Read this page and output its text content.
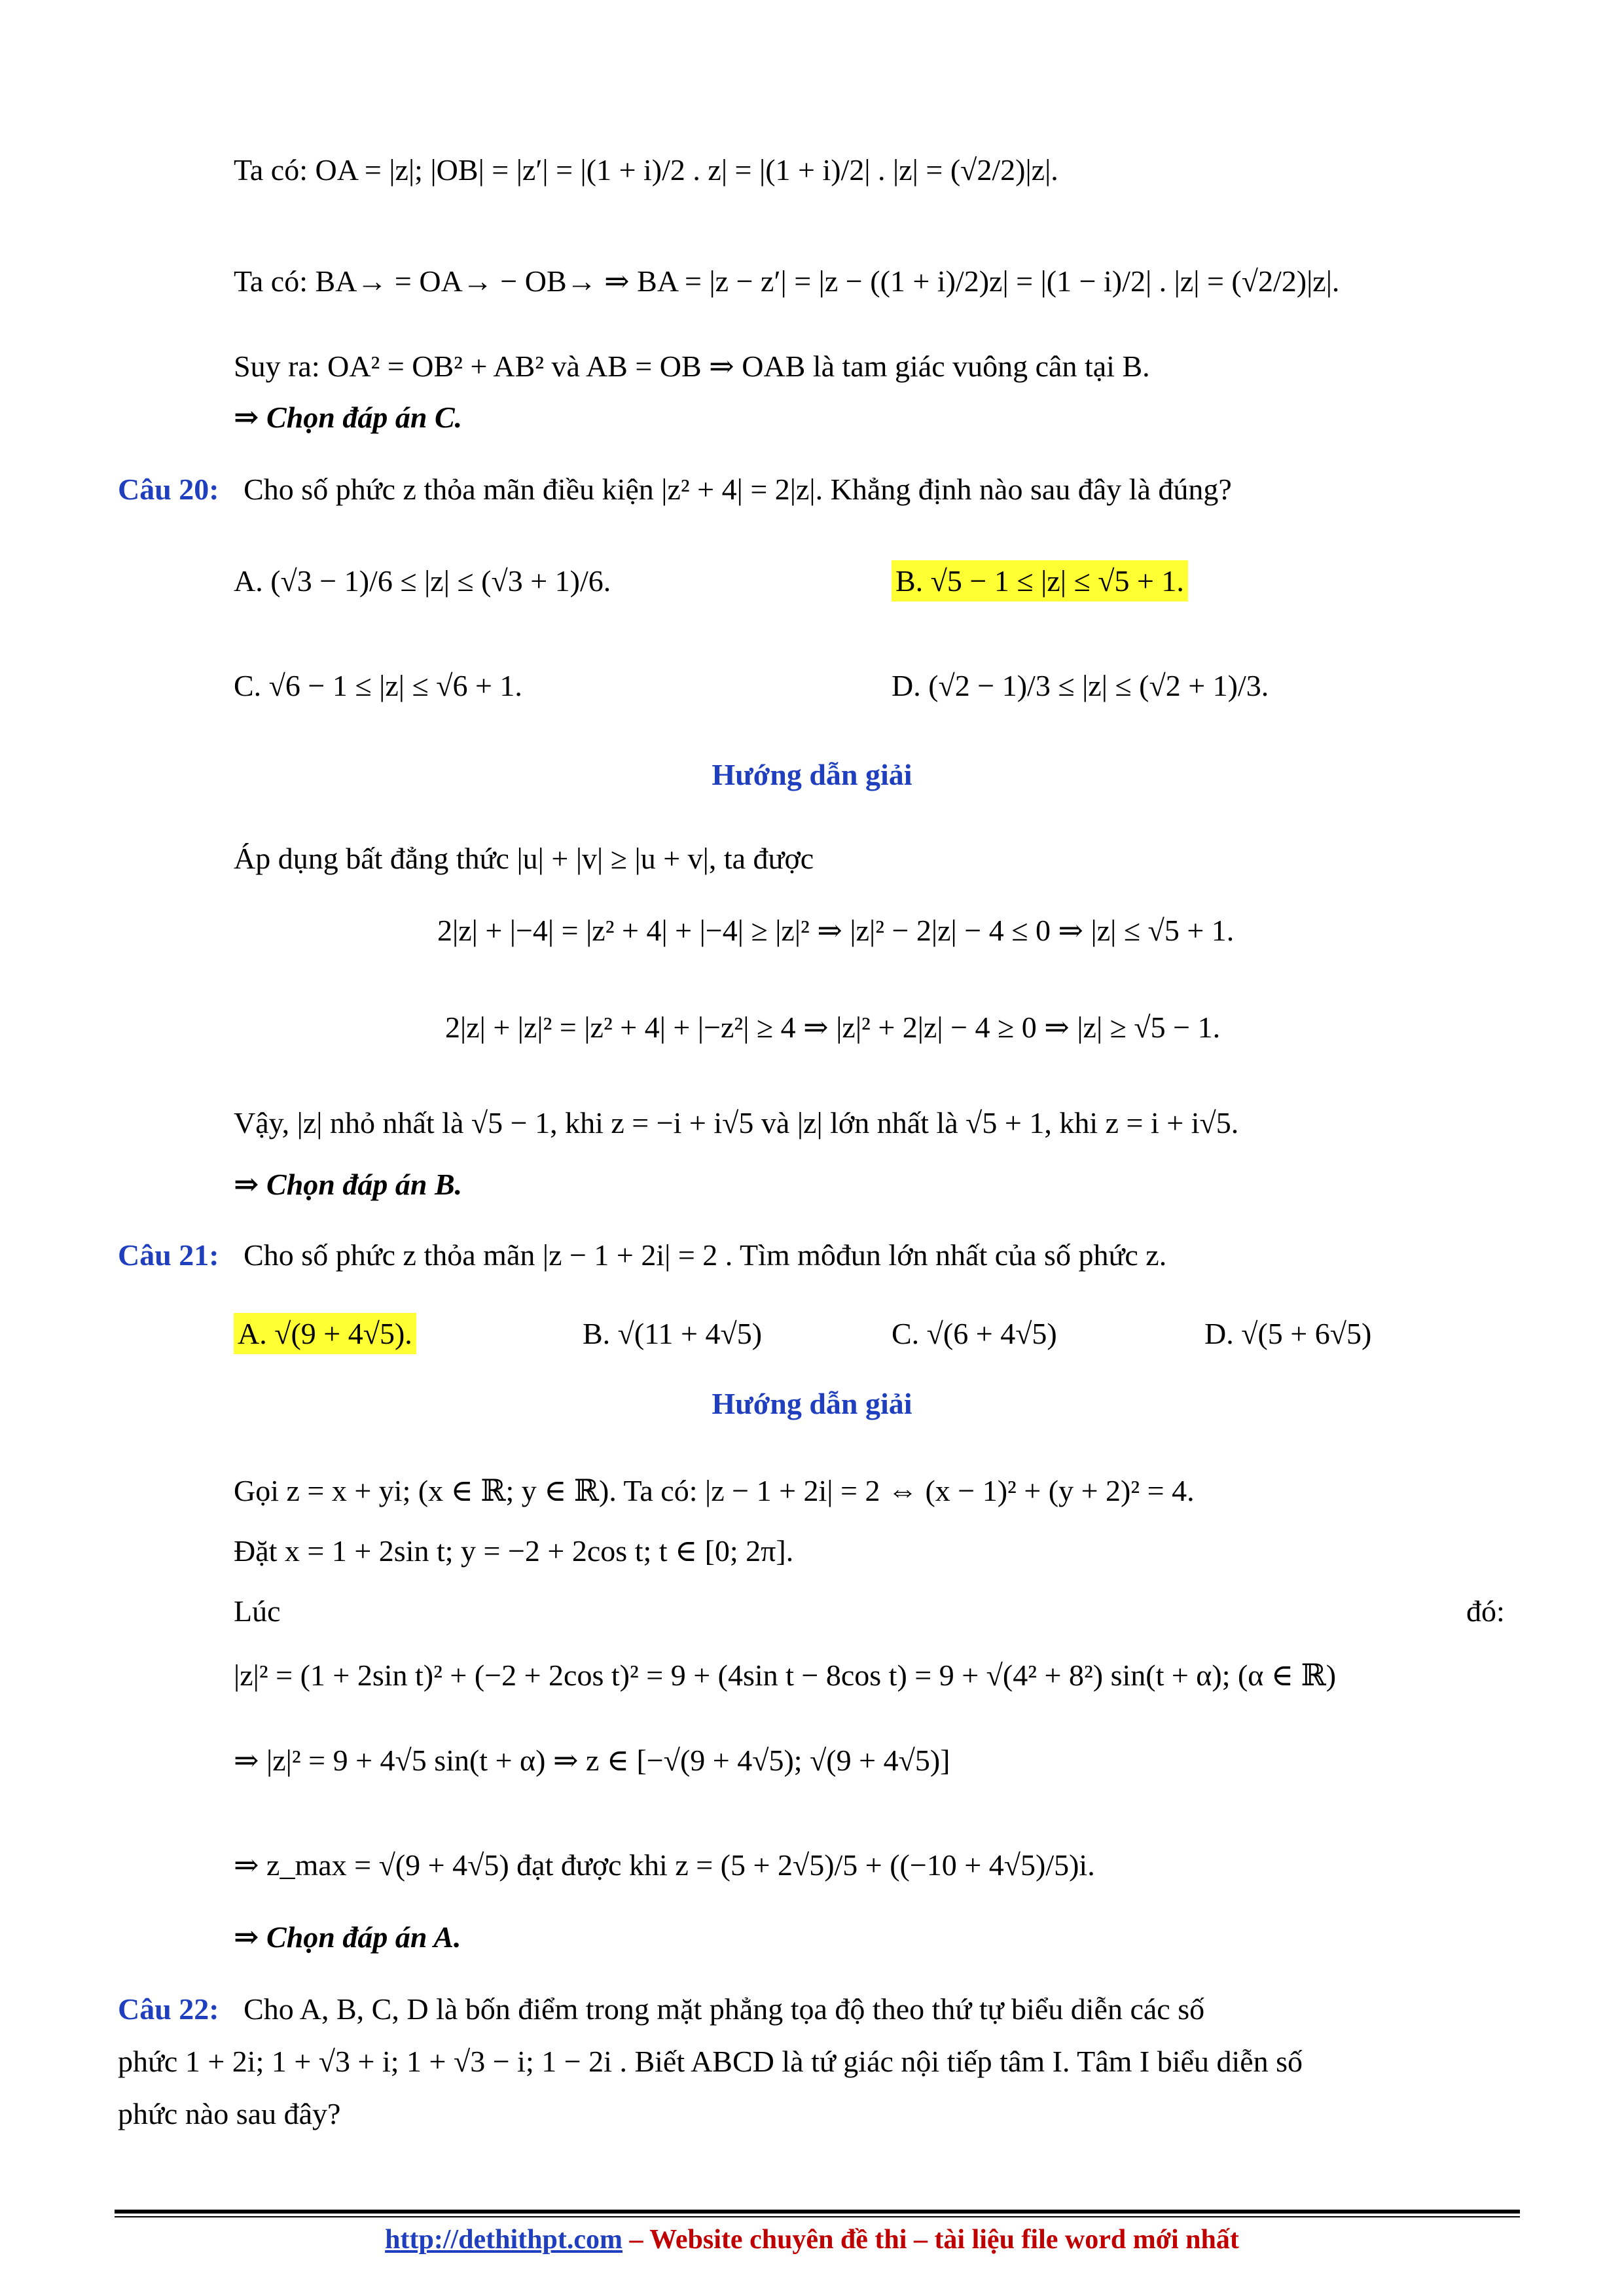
Ta có: OA = |z|; |OB| = |z′| = |(1 + i)/2 . z| = |(1 + i)/2| . |z| = (√2/2)|z|.
Ta có: BA→ = OA→ − OB→ ⇒ BA = |z − z′| = |z − ((1 + i)/2)z| = |(1 − i)/2| . |z| = (√2/2)|z|.
Suy ra: OA² = OB² + AB² và AB = OB ⇒ OAB là tam giác vuông cân tại B.
⇒ Chọn đáp án C.
Câu 20: Cho số phức z thỏa mãn điều kiện |z² + 4| = 2|z|. Khẳng định nào sau đây là đúng?
A. (√3 − 1)/6 ≤ |z| ≤ (√3 + 1)/6.	B. √5 − 1 ≤ |z| ≤ √5 + 1.
C. √6 − 1 ≤ |z| ≤ √6 + 1.	D. (√2 − 1)/3 ≤ |z| ≤ (√2 + 1)/3.
Hướng dẫn giải
Áp dụng bất đẳng thức |u| + |v| ≥ |u + v|, ta được
2|z| + |−4| = |z² + 4| + |−4| ≥ |z|² ⇒ |z|² − 2|z| − 4 ≤ 0 ⇒ |z| ≤ √5 + 1.
2|z| + |z|² = |z² + 4| + |−z²| ≥ 4 ⇒ |z|² + 2|z| − 4 ≥ 0 ⇒ |z| ≥ √5 − 1.
Vậy, |z| nhỏ nhất là √5 − 1, khi z = −i + i√5 và |z| lớn nhất là √5 + 1, khi z = i + i√5.
⇒ Chọn đáp án B.
Câu 21: Cho số phức z thỏa mãn |z − 1 + 2i| = 2 . Tìm môđun lớn nhất của số phức z.
A. √(9 + 4√5).	B. √(11 + 4√5)	C. √(6 + 4√5)	D. √(5 + 6√5)
Hướng dẫn giải
Gọi z = x + yi; (x ∈ ℝ; y ∈ ℝ). Ta có: |z − 1 + 2i| = 2 ⇔ (x − 1)² + (y + 2)² = 4.
Đặt x = 1 + 2sin t; y = −2 + 2cos t; t ∈ [0; 2π].
Lúc	đó:
|z|² = (1 + 2sin t)² + (−2 + 2cos t)² = 9 + (4sin t − 8cos t) = 9 + √(4² + 8²) sin(t + α); (α ∈ ℝ)
⇒ |z|² = 9 + 4√5 sin(t + α) ⇒ z ∈ [−√(9 + 4√5); √(9 + 4√5)]
⇒ z_max = √(9 + 4√5) đạt được khi z = (5 + 2√5)/5 + ((−10 + 4√5)/5)i.
⇒ Chọn đáp án A.
Câu 22: Cho A, B, C, D là bốn điểm trong mặt phẳng tọa độ theo thứ tự biểu diễn các số
phức 1 + 2i; 1 + √3 + i; 1 + √3 − i; 1 − 2i . Biết ABCD là tứ giác nội tiếp tâm I. Tâm I biểu diễn số
phức nào sau đây?
http://dethithpt.com – Website chuyên đề thi – tài liệu file word mới nhất
